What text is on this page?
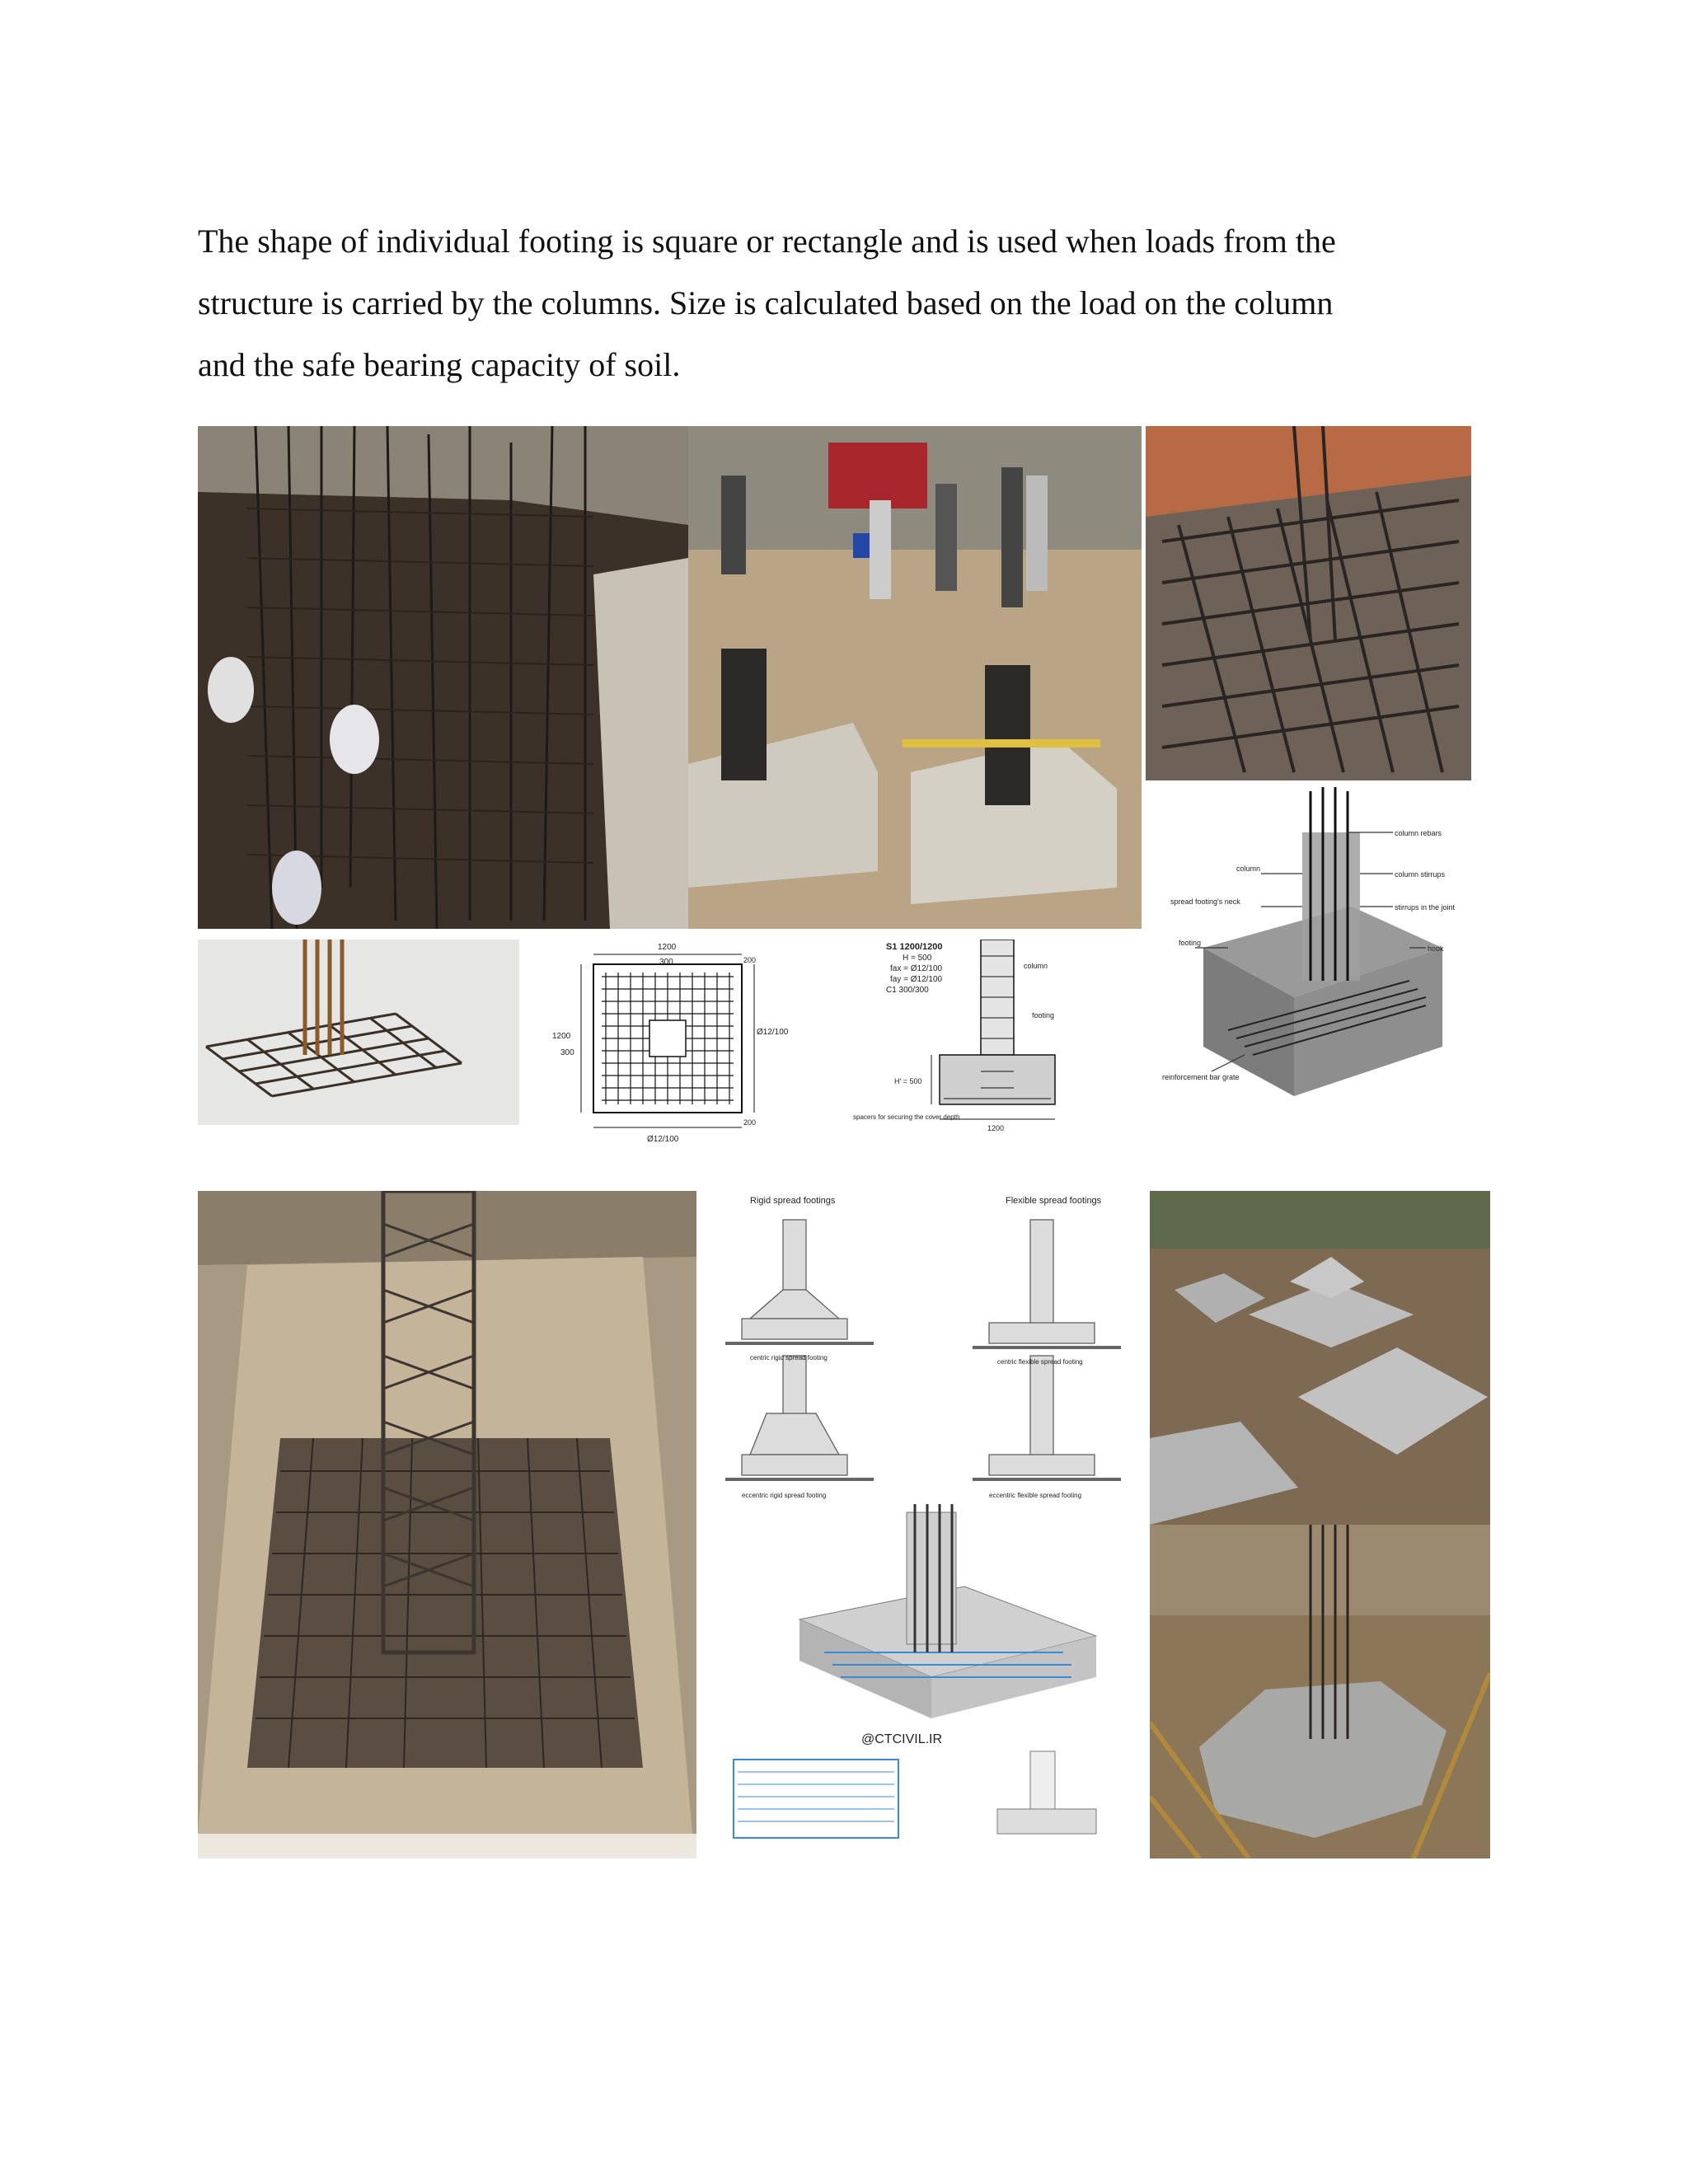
The shape of individual footing is square or rectangle and is used when loads from the
structure is carried by the columns. Size is calculated based on the load on the column
and the safe bearing capacity of soil.

column rebars
column
column stirrups
spread footing's neck
stirrups in the joint
footing
hook
reinforcement bar grate
1200
300
1200
300
Ø12/100
200
Ø12/100
200
S1 1200/1200
H = 500
fax = Ø12/100
fay = Ø12/100
C1 300/300
column
footing
H' = 500
1200
spacers for securing the cover depth
Rigid spread footings	Flexible spread footings
centric rigid spread footing
centric flexible spread footing
eccentric rigid spread footing	eccentric flexible spread footing
@CTCIVIL.IR
